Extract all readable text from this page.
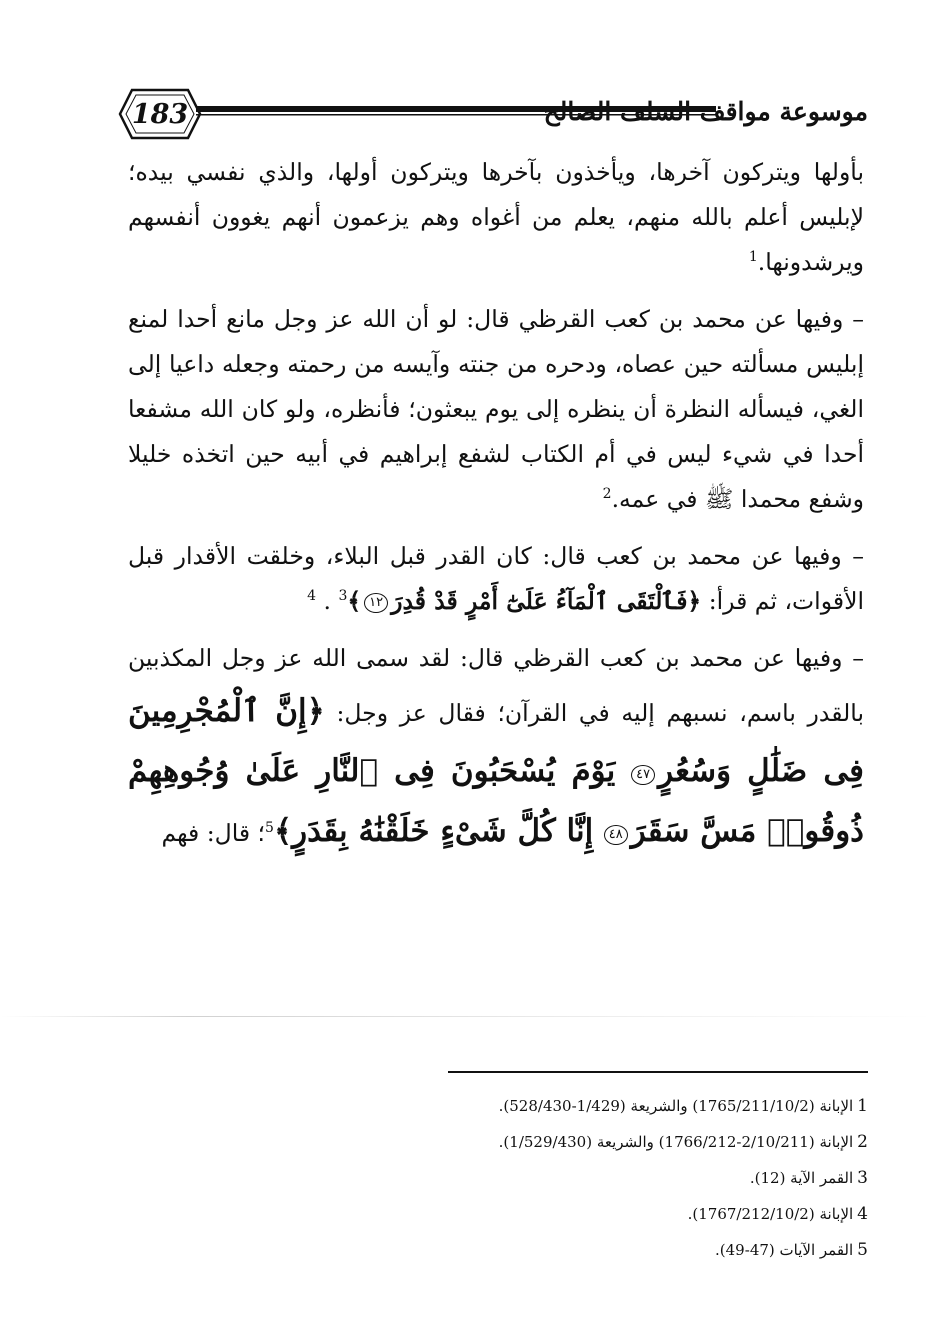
183	موسوعة مواقف السلف الصالح

بأولها ويتركون آخرها، ويأخذون بآخرها ويتركون أولها، والذي نفسي بيده؛ لإبليس أعلم بالله منهم، يعلم من أغواه وهم يزعمون أنهم يغوون أنفسهم ويرشدونها.$^1$

– وفيها عن محمد بن كعب القرظي قال: لو أن الله عز وجل مانع أحدا لمنع إبليس مسألته حين عصاه، ودحره من جنته وآيسه من رحمته وجعله داعيا إلى الغي، فيسأله النظرة أن ينظره إلى يوم يبعثون؛ فأنظره، ولو كان الله مشفعا أحدا في شيء ليس في أم الكتاب لشفع إبراهيم في أبيه حين اتخذه خليلا وشفع محمدا ﷺ في عمه.$^2$

– وفيها عن محمد بن كعب قال: كان القدر قبل البلاء، وخلقت الأقدار قبل الأقوات، ثم قرأ: ﴿فَٱلْتَقَى ٱلْمَآءُ عَلَىٰٓ أَمْرٍ قَدْ قُدِرَ١٢﴾$^3$ . $^4$

– وفيها عن محمد بن كعب القرظي قال: لقد سمى الله عز وجل المكذبين بالقدر باسم، نسبهم إليه في القرآن؛ فقال عز وجل: ﴿إِنَّ ٱلْمُجْرِمِينَ فِى ضَلَٰلٍ وَسُعُرٍ٤٧ يَوْمَ يُسْحَبُونَ فِى ٱلنَّارِ عَلَىٰ وُجُوهِهِمْ ذُوقُوا۟ مَسَّ سَقَرَ٤٨ إِنَّا كُلَّ شَىْءٍ خَلَقْنَٰهُ بِقَدَرٍ﴾$^5$؛ قال: فهم

1الإبانة (1765/211/10/2) والشريعة (1/429-528/430).
2الإبانة (2/10/211-1766/212) والشريعة (1/529/430).
3القمر الآية (12).
4الإبانة (1767/212/10/2).
5القمر الآيات (47-49).
